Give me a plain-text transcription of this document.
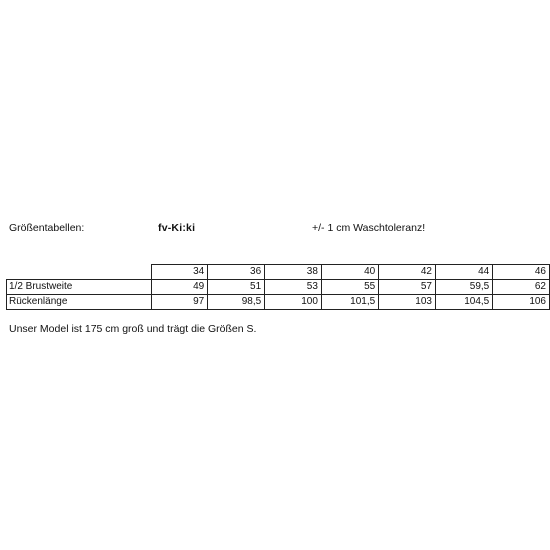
Größentabellen:	fv-Ki:ki	+/- 1 cm Waschtoleranz!
	34	36	38	40	42	44	46
1/2 Brustweite	49	51	53	55	57	59,5	62
Rückenlänge	97	98,5	100	101,5	103	104,5	106
Unser Model ist 175 cm groß und trägt die Größen S.
